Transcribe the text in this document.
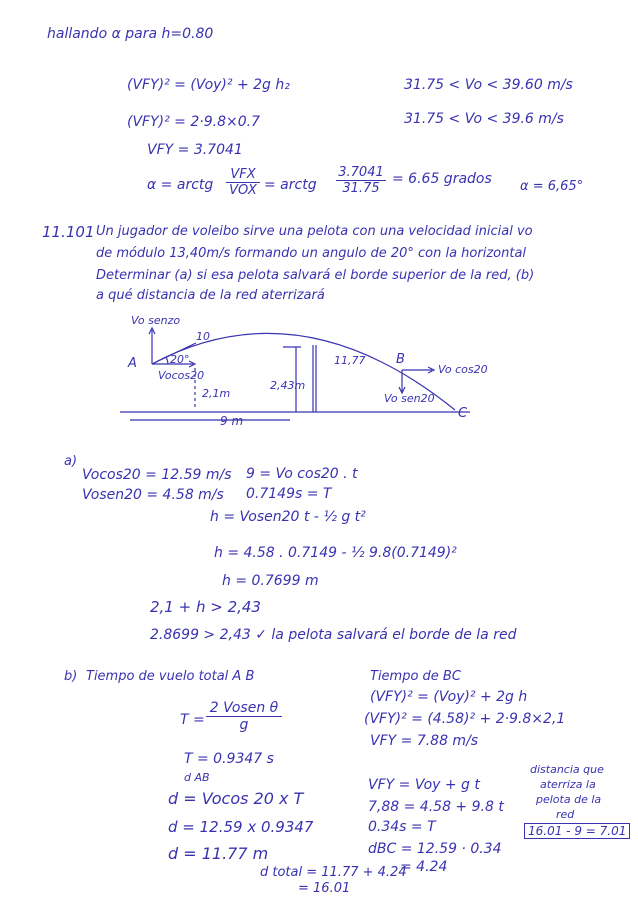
hallando α para h=0.80
(VFY)² = (Voy)² + 2g h₂
(VFY)² = 2·9.8×0.7
VFY = 3.7041
α = arctg
VFX
VOX = arctg
3.7041
31.75
= 6.65 grados
31.75 < Vo < 39.60 m/s
31.75 < Vo < 39.6 m/s
α = 6,65°
11.101 Un jugador de voleibo sirve una pelota con una velocidad inicial vo
de módulo 13,40m/s formando un angulo de 20° con la horizontal
Determinar (a) si esa pelota salvará el borde superior de la red, (b)
a qué distancia de la red aterrizará
Vo senzo
10
20°
A
Vocos20
2,1m
2,43m
11,77 B
Vo cos20
Vo sen20
9 m	C
a)
Vocos20 = 12.59 m/s
Vosen20 = 4.58 m/s
9 = Vo cos20 . t
0.7149s = T
h = Vosen20 t - ½ g t²
h = 4.58 . 0.7149 - ½ 9.8(0.7149)²
h = 0.7699 m
2,1 + h > 2,43
2.8699 > 2,43 ✓ la pelota salvará el borde de la red
b) Tiempo de vuelo total A B
T =
2 Vosen θ
g
T = 0.9347 s
d AB
d = Vocos 20 x T
d = 12.59 x 0.9347
d = 11.77 m
Tiempo de BC
(VFY)² = (Voy)² + 2g h
(VFY)² = (4.58)² + 2·9.8×2,1
VFY = 7.88 m/s
VFY = Voy + g t
7,88 = 4.58 + 9.8 t
0.34s = T
dBC = 12.59 · 0.34
= 4.24
distancia que
aterriza la
pelota de la
red
16.01 - 9 = 7.01
d total = 11.77 + 4.24
= 16.01
